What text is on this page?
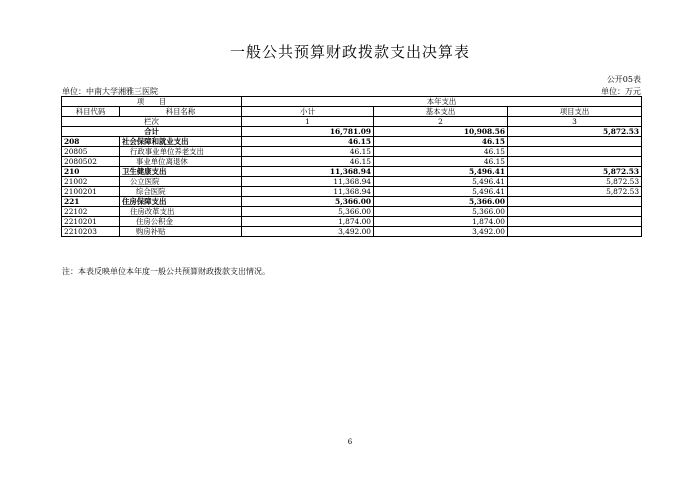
一般公共预算财政拨款支出决算表
公开05表
单位：中南大学湘雅三医院	单位：万元
项　　目		本年支出		
科目代码	科目名称	小计	基本支出	项目支出
栏次		1	2	3
合计		16,781.09	10,908.56	5,872.53
208	社会保障和就业支出	46.15	46.15	
20805	行政事业单位养老支出	46.15	46.15	
2080502	事业单位离退休	46.15	46.15	
210	卫生健康支出	11,368.94	5,496.41	5,872.53
21002	公立医院	11,368.94	5,496.41	5,872.53
2100201	综合医院	11,368.94	5,496.41	5,872.53
221	住房保障支出	5,366.00	5,366.00	
22102	住房改革支出	5,366.00	5,366.00	
2210201	住房公积金	1,874.00	1,874.00	
2210203	购房补贴	3,492.00	3,492.00	
注：本表反映单位本年度一般公共预算财政拨款支出情况。
6
